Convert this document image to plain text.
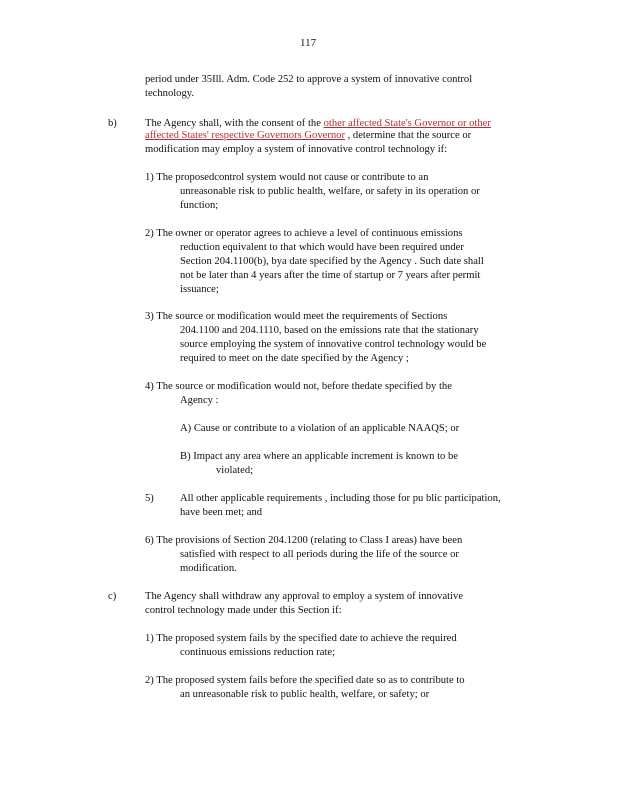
117
period under 35Ill. Adm. Code 252 to approve a system of innovative control
technology.
b)	The Agency shall, with the consent of the other affected State's Governor or other
affected States' respective Governors Governor , determine that the source or
modification may employ a system of innovative control technology if:
1) The proposedcontrol system would not cause or contribute to an
unreasonable risk to public health, welfare, or safety in its operation or
function;
2) The owner or operator agrees to achieve a level of continuous emissions
reduction equivalent to that which would have been required under
Section 204.1100(b), bya date specified by the Agency . Such date shall
not be later than 4 years after the time of startup or 7 years after permit
issuance;
3) The source or modification would meet the requirements of Sections
204.1100 and 204.1110, based on the emissions rate that the stationary
source employing the system of innovative control technology would be
required to meet on the date specified by the Agency ;
4) The source or modification would not, before thedate specified by the
Agency :
A) Cause or contribute to a violation of an applicable NAAQS; or
B) Impact any area where an applicable increment is known to be
violated;
5) All other applicable requirements , including those for pu blic participation,
have been met; and
6) The provisions of Section 204.1200 (relating to Class I areas) have been
satisfied with respect to all periods during the life of the source or
modification.
c)	The Agency shall withdraw any approval to employ a system of innovative
control technology made under this Section if:
1) The proposed system fails by the specified date to achieve the required
continuous emissions reduction rate;
2) The proposed system fails before the specified date so as to contribute to
an unreasonable risk to public health, welfare, or safety; or
